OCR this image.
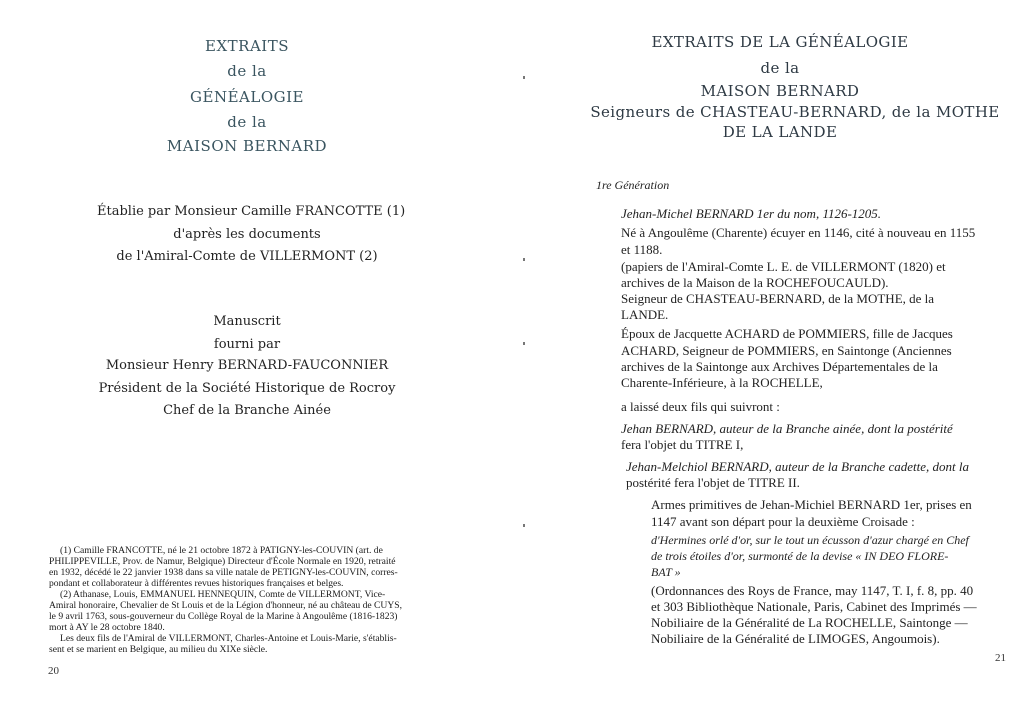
EXTRAITS
de la
GÉNÉALOGIE
de la
MAISON BERNARD
Établie par Monsieur Camille FRANCOTTE (1)
d'après les documents
de l'Amiral-Comte de VILLERMONT (2)
Manuscrit
fourni par
Monsieur Henry BERNARD-FAUCONNIER
Président de la Société Historique de Rocroy
Chef de la Branche Ainée
(1) Camille FRANCOTTE, né le 21 octobre 1872 à PATIGNY-les-COUVIN (art. de
PHILIPPEVILLE, Prov. de Namur, Belgique) Directeur d'École Normale en 1920, retraité
en 1932, décédé le 22 janvier 1938 dans sa ville natale de PETIGNY-les-COUVIN, corres-
pondant et collaborateur à différentes revues historiques françaises et belges.
(2) Athanase, Louis, EMMANUEL HENNEQUIN, Comte de VILLERMONT, Vice-
Amiral honoraire, Chevalier de St Louis et de la Légion d'honneur, né au château de CUYS,
le 9 avril 1763, sous-gouverneur du Collège Royal de la Marine à Angoulême (1816-1823)
mort à AY le 28 octobre 1840.
Les deux fils de l'Amiral de VILLERMONT, Charles-Antoine et Louis-Marie, s'établis-
sent et se marient en Belgique, au milieu du XIXe siècle.
20
EXTRAITS DE LA GÉNÉALOGIE
de la
MAISON BERNARD
Seigneurs de CHASTEAU-BERNARD, de la MOTHE
DE LA LANDE
1re Génération
Jehan-Michel BERNARD 1er du nom, 1126-1205.
Né à Angoulême (Charente) écuyer en 1146, cité à nouveau en 1155
et 1188.
(papiers de l'Amiral-Comte L. E. de VILLERMONT (1820) et
archives de la Maison de la ROCHEFOUCAULD).
Seigneur de CHASTEAU-BERNARD, de la MOTHE, de la
LANDE.
Époux de Jacquette ACHARD de POMMIERS, fille de Jacques
ACHARD, Seigneur de POMMIERS, en Saintonge (Anciennes
archives de la Saintonge aux Archives Départementales de la
Charente-Inférieure, à la ROCHELLE,
a laissé deux fils qui suivront :
Jehan BERNARD, auteur de la Branche ainée, dont la postérité
fera l'objet du TITRE I,
Jehan-Melchiol BERNARD, auteur de la Branche cadette, dont la
postérité fera l'objet de TITRE II.
Armes primitives de Jehan-Michiel BERNARD 1er, prises en
1147 avant son départ pour la deuxième Croisade :
d'Hermines orlé d'or, sur le tout un écusson d'azur chargé en Chef
de trois étoiles d'or, surmonté de la devise « IN DEO FLORE-
BAT »
(Ordonnances des Roys de France, may 1147, T. I, f. 8, pp. 40
et 303 Bibliothèque Nationale, Paris, Cabinet des Imprimés —
Nobiliaire de la Généralité de La ROCHELLE, Saintonge —
Nobiliaire de la Généralité de LIMOGES, Angoumois).
21
